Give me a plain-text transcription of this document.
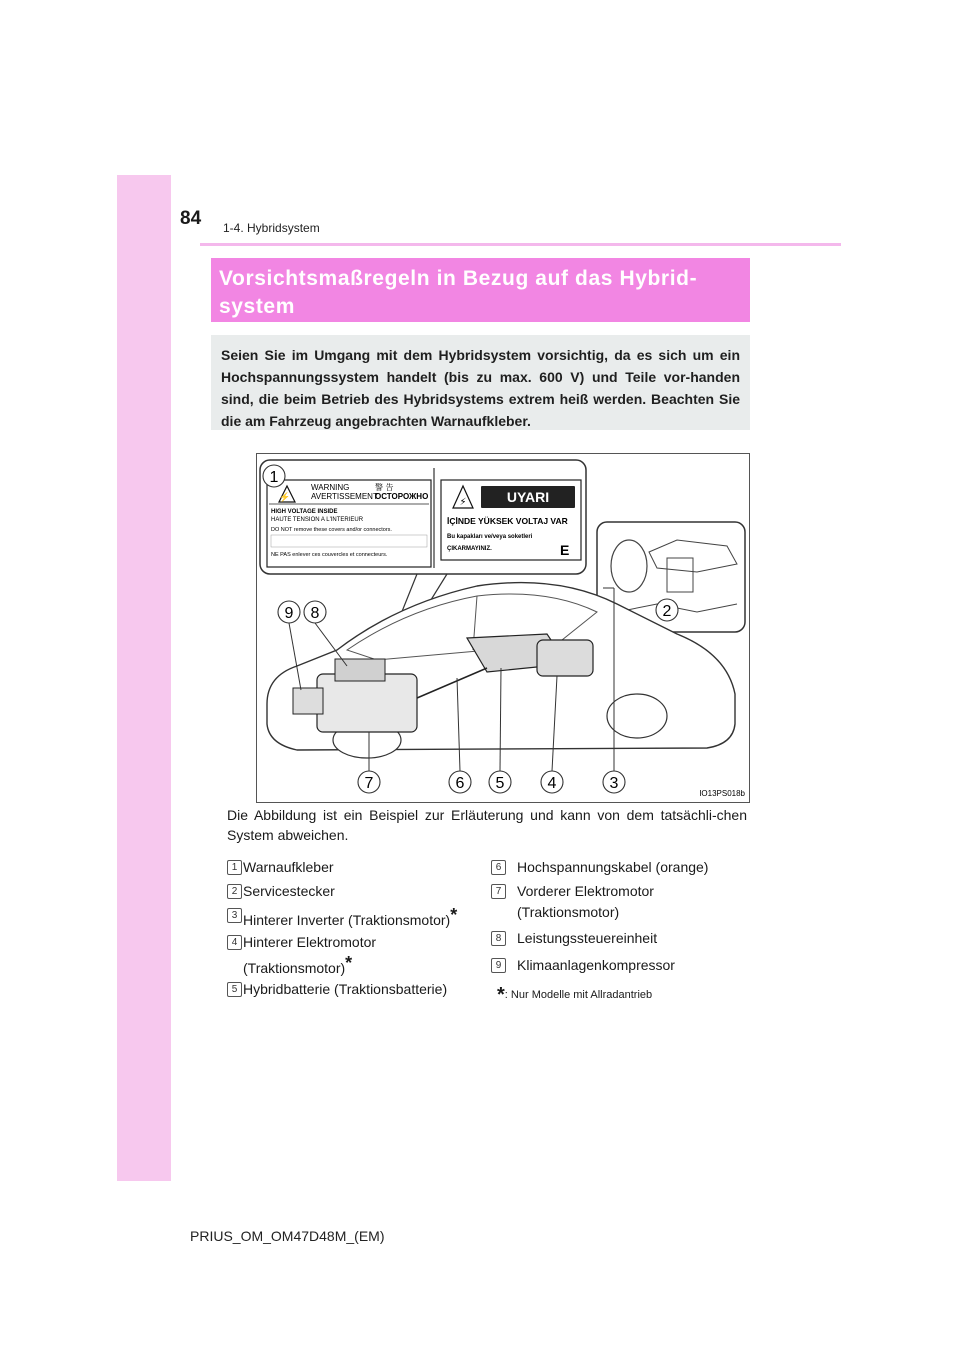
84 1-4. Hybridsystem
Vorsichtsmaßregeln in Bezug auf das Hybrid-
system

Seien Sie im Umgang mit dem Hybridsystem vorsichtig, da es sich um ein Hochspannungssystem handelt (bis zu max. 600 V) und Teile vor-handen sind, die beim Betrieb des Hybridsystems extrem heiß werden. Beachten Sie die am Fahrzeug angebrachten Warnaufkleber.

⚡
WARNING
AVERTISSEMENT
警 告
ОСТОРОЖНО
HIGH VOLTAGE INSIDE
HAUTE TENSION A L'INTERIEUR
DO NOT remove these covers and/or connectors.
NE PAS enlever ces couvercles et connecteurs.
⚡	UYARI
İÇİNDE YÜKSEK VOLTAJ VAR
Bu kapakları ve/veya soketleri
ÇIKARMAYINIZ.	E
1
2
3
4
5
6
7
8
9
IO13PS018b
Die Abbildung ist ein Beispiel zur Erläuterung und kann von dem tatsächli-chen System abweichen.
1 Warnaufkleber
2 Servicestecker
3 Hinterer Inverter (Traktionsmotor)*
4 Hinterer Elektromotor
(Traktionsmotor)*
5 Hybridbatterie (Traktionsbatterie)
6	Hochspannungskabel (orange)
7	Vorderer Elektromotor
(Traktionsmotor)
8	Leistungssteuereinheit
9	Klimaanlagenkompressor
*: Nur Modelle mit Allradantrieb
PRIUS_OM_OM47D48M_(EM)
